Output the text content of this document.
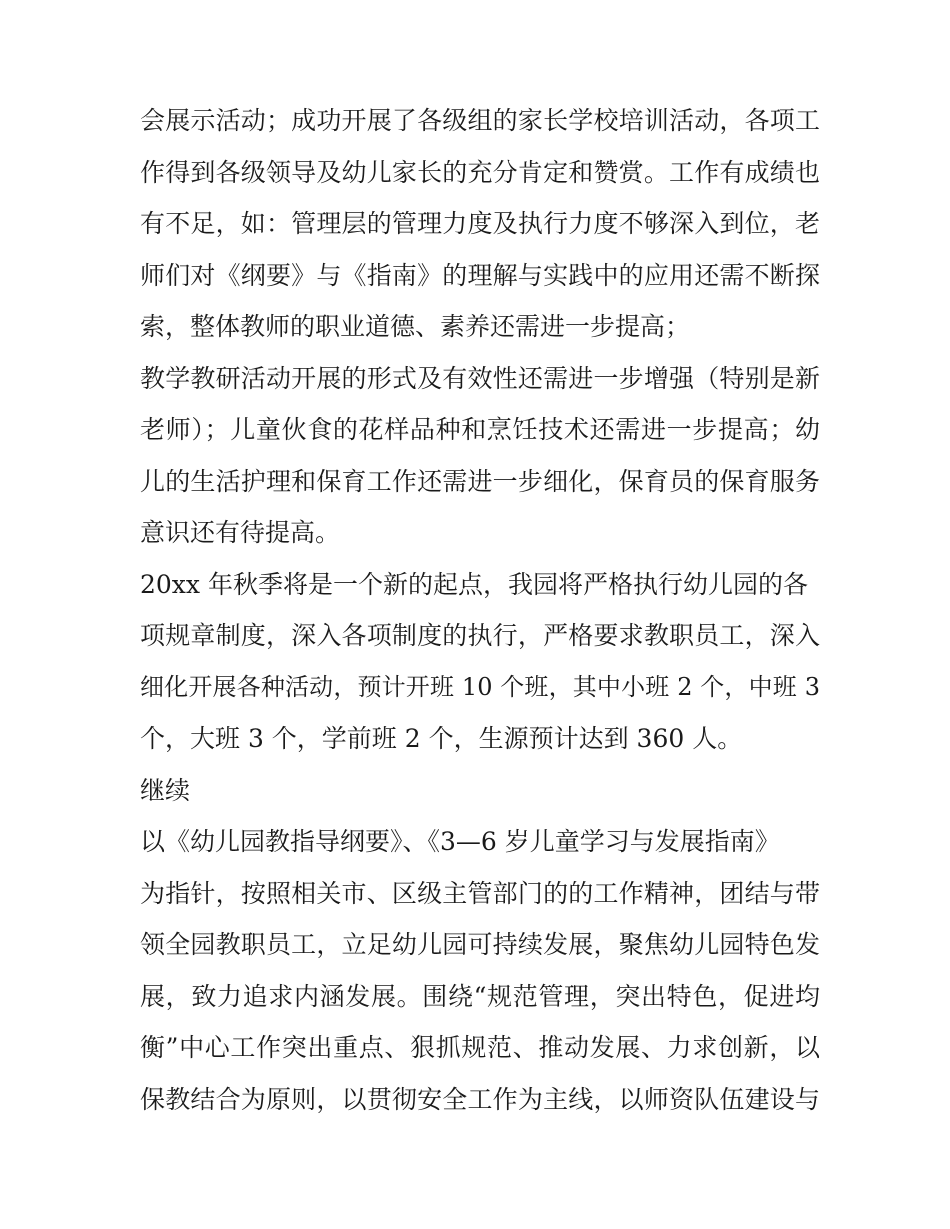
会展示活动；成功开展了各级组的家长学校培训活动，各项工
作得到各级领导及幼儿家长的充分肯定和赞赏。工作有成绩也
有不足，如：管理层的管理力度及执行力度不够深入到位，老
师们对《纲要》与《指南》的理解与实践中的应用还需不断探
索，整体教师的职业道德、素养还需进一步提高；
教学教研活动开展的形式及有效性还需进一步增强（特别是新
老师）；儿童伙食的花样品种和烹饪技术还需进一步提高；幼
儿的生活护理和保育工作还需进一步细化，保育员的保育服务
意识还有待提高。
20xx 年秋季将是一个新的起点，我园将严格执行幼儿园的各
项规章制度，深入各项制度的执行，严格要求教职员工，深入
细化开展各种活动，预计开班 10 个班，其中小班 2 个，中班 3
个，大班 3 个，学前班 2 个，生源预计达到 360 人。
继续
以《幼儿园教指导纲要》、《3—6 岁儿童学习与发展指南》
为指针，按照相关市、区级主管部门的的工作精神，团结与带
领全园教职员工，立足幼儿园可持续发展，聚焦幼儿园特色发
展，致力追求内涵发展。围绕“规范管理，突出特色，促进均
衡”中心工作突出重点、狠抓规范、推动发展、力求创新，以
保教结合为原则，以贯彻安全工作为主线，以师资队伍建设与
